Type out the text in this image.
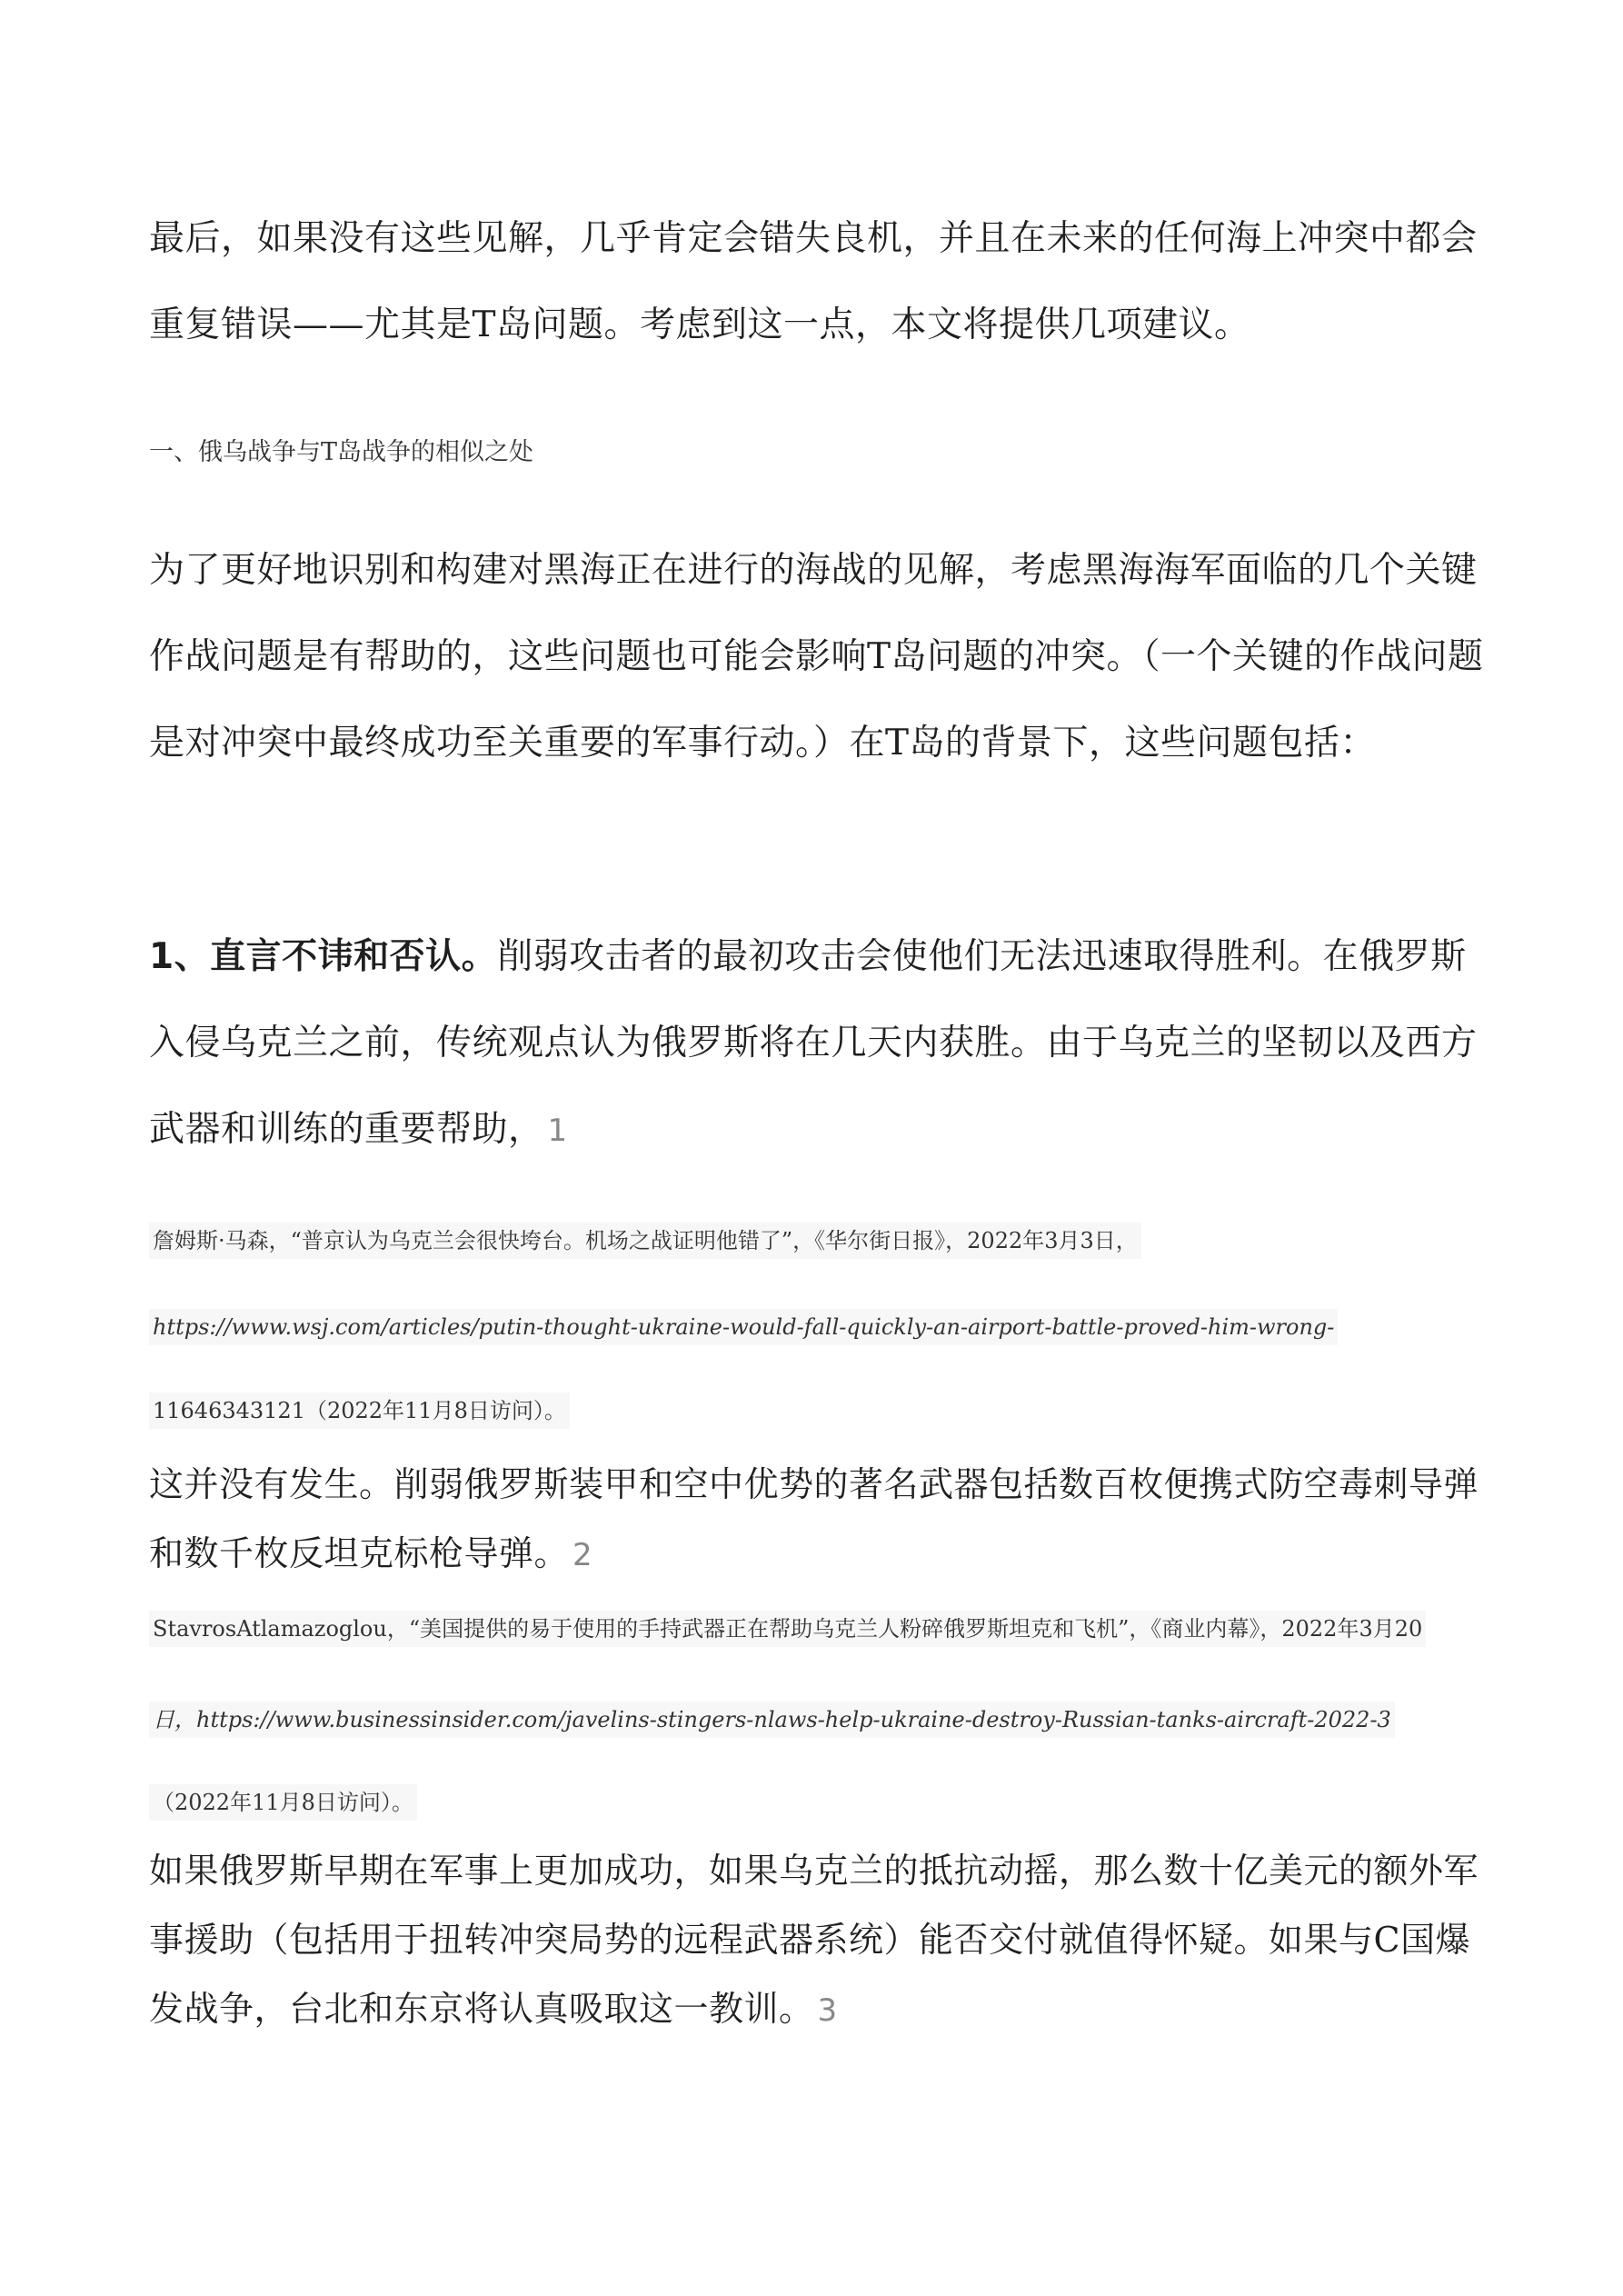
最后，如果没有这些见解，几乎肯定会错失良机，并且在未来的任何海上冲突中都会重复错误——尤其是T岛问题。考虑到这一点，本文将提供几项建议。

一、俄乌战争与T岛战争的相似之处

为了更好地识别和构建对黑海正在进行的海战的见解，考虑黑海海军面临的几个关键作战问题是有帮助的，这些问题也可能会影响T岛问题的冲突。（一个关键的作战问题是对冲突中最终成功至关重要的军事行动。）在T岛的背景下，这些问题包括：

1、直言不讳和否认。削弱攻击者的最初攻击会使他们无法迅速取得胜利。在俄罗斯入侵乌克兰之前，传统观点认为俄罗斯将在几天内获胜。由于乌克兰的坚韧以及西方武器和训练的重要帮助， 1

詹姆斯·马森，“普京认为乌克兰会很快垮台。机场之战证明他错了”，《华尔街日报》，2022年3月3日，
https://www.wsj.com/articles/putin-thought-ukraine-would-fall-quickly-an-airport-battle-proved-him-wrong-
11646343121（2022年11月8日访问）。

这并没有发生。削弱俄罗斯装甲和空中优势的著名武器包括数百枚便携式防空毒刺导弹和数千枚反坦克标枪导弹。 2

StavrosAtlamazoglou，“美国提供的易于使用的手持武器正在帮助乌克兰人粉碎俄罗斯坦克和飞机”，《商业内幕》，2022年3月20
日，https://www.businessinsider.com/javelins-stingers-nlaws-help-ukraine-destroy-Russian-tanks-aircraft-2022-3
（2022年11月8日访问）。

如果俄罗斯早期在军事上更加成功，如果乌克兰的抵抗动摇，那么数十亿美元的额外军事援助（包括用于扭转冲突局势的远程武器系统）能否交付就值得怀疑。如果与C国爆发战争，台北和东京将认真吸取这一教训。 3
